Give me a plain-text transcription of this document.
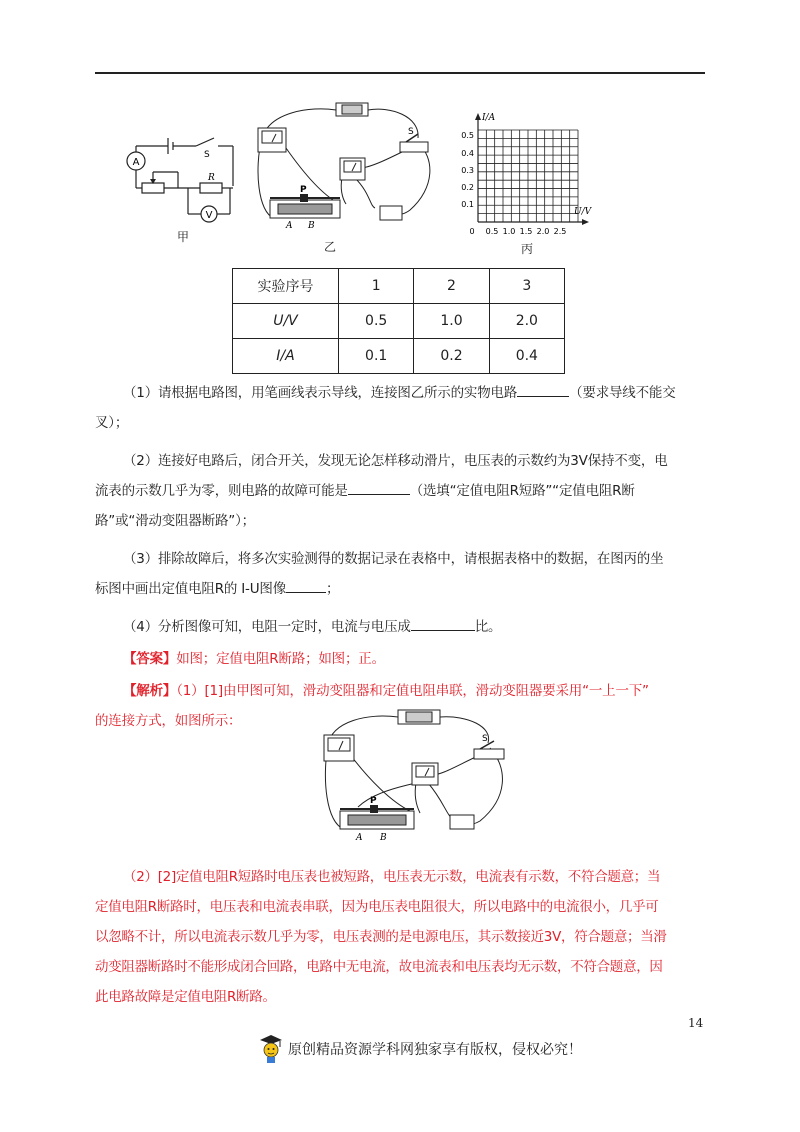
A
V
S
R
甲
P
A B
S
乙
I/A
U/V
0
0.5
0.4
0.3
0.2
0.1
0.5 1.0 1.5 2.0 2.5
丙
实验序号	1	2	3
U/V	0.5	1.0	2.0
I/A	0.1	0.2	0.4
（1）请根据电路图，用笔画线表示导线，连接图乙所示的实物电路	（要求导线不能交
叉）；
（2）连接好电路后，闭合开关，发现无论怎样移动滑片，电压表的示数约为3V保持不变，电
流表的示数几乎为零，则电路的故障可能是	（选填“定值电阻R短路”“定值电阻R断
路”或“滑动变阻器断路”）；
（3）排除故障后，将多次实验测得的数据记录在表格中，请根据表格中的数据，在图丙的坐
标图中画出定值电阻R的 I-U图像	；
（4）分析图像可知，电阻一定时，电流与电压成	比。
【答案】如图；定值电阻R断路；如图；正。
【解析】（1）[1]由甲图可知，滑动变阻器和定值电阻串联，滑动变阻器要采用“一上一下”
的连接方式，如图所示：
P
A B
S
（2）[2]定值电阻R短路时电压表也被短路，电压表无示数，电流表有示数，不符合题意；当
定值电阻R断路时，电压表和电流表串联，因为电压表电阻很大，所以电路中的电流很小，几乎可
以忽略不计，所以电流表示数几乎为零，电压表测的是电源电压，其示数接近3V，符合题意；当滑
动变阻器断路时不能形成闭合回路，电路中无电流，故电流表和电压表均无示数，不符合题意，因
此电路故障是定值电阻R断路。
14
原创精品资源学科网独家享有版权，侵权必究！
